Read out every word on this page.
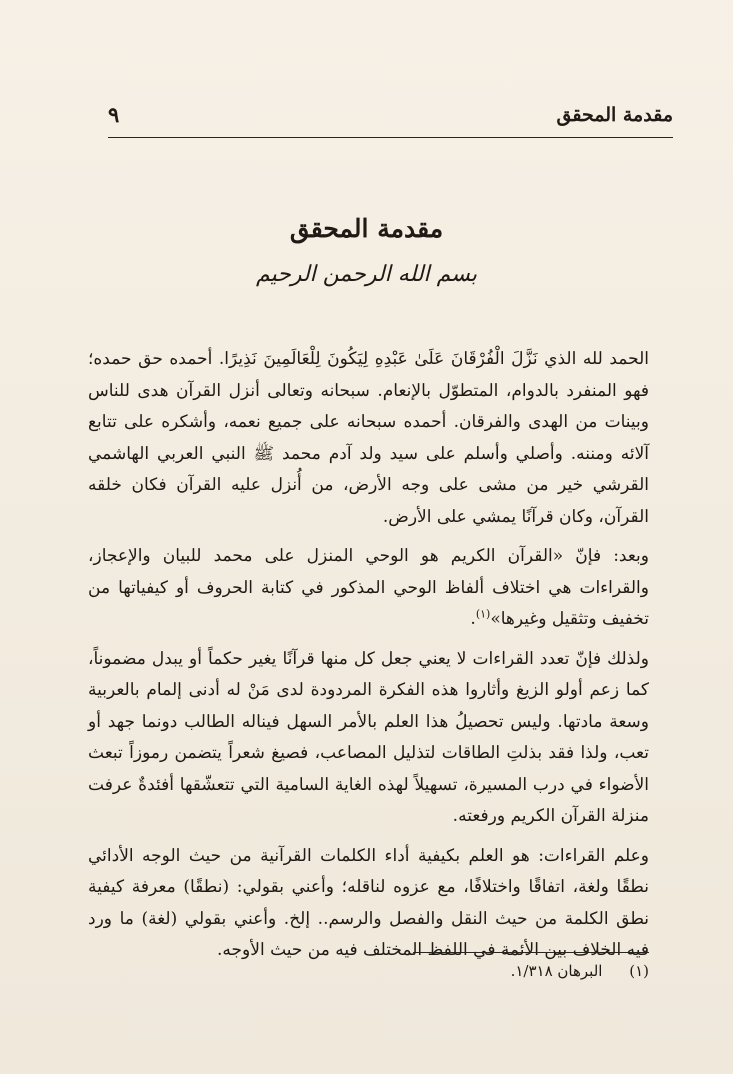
مقدمة المحقق
٩
مقدمة المحقق
بسم الله الرحمن الرحيم

الحمد لله الذي نَزَّلَ الْفُرْقَانَ عَلَىٰ عَبْدِهِ لِيَكُونَ لِلْعَالَمِينَ نَذِيرًا. أحمده حق حمده؛ فهو المنفرد بالدوام، المتطوّل بالإنعام. سبحانه وتعالى أنزل القرآن هدى للناس وبينات من الهدى والفرقان. أحمده سبحانه على جميع نعمه، وأشكره على تتابع آلائه ومننه. وأصلي وأسلم على سيد ولد آدم محمد ﷺ النبي العربي الهاشمي القرشي خير من مشى على وجه الأرض، من أُنزل عليه القرآن فكان خلقه القرآن، وكان قرآنًا يمشي على الأرض.

وبعد: فإنّ «القرآن الكريم هو الوحي المنزل على محمد للبيان والإعجاز، والقراءات هي اختلاف ألفاظ الوحي المذكور في كتابة الحروف أو كيفياتها من تخفيف وتثقيل وغيرها»$^{(١)}$.

ولذلك فإنّ تعدد القراءات لا يعني جعل كل منها قرآنًا يغير حكماً أو يبدل مضموناً، كما زعم أولو الزيغ وأثاروا هذه الفكرة المردودة لدى مَنْ له أدنى إلمام بالعربية وسعة مادتها. وليس تحصيلُ هذا العلم بالأمر السهل فيناله الطالب دونما جهد أو تعب، ولذا فقد بذلتِ الطاقات لتذليل المصاعب، فصيغ شعراً يتضمن رموزاً تبعث الأضواء في درب المسيرة، تسهيلاً لهذه الغاية السامية التي تتعشّقها أفئدةٌ عرفت منزلة القرآن الكريم ورفعته.

وعلم القراءات: هو العلم بكيفية أداء الكلمات القرآنية من حيث الوجه الأدائي نطقًا ولغة، اتفاقًا واختلافًا، مع عزوه لناقله؛ وأعني بقولي: (نطقًا) معرفة كيفية نطق الكلمة من حيث النقل والفصل والرسم.. إلخ. وأعني بقولي (لغة) ما ورد فيه الخلاف بين الأئمة في اللفظ المختلف فيه من حيث الأوجه.

(١) البرهان ١/٣١٨.
